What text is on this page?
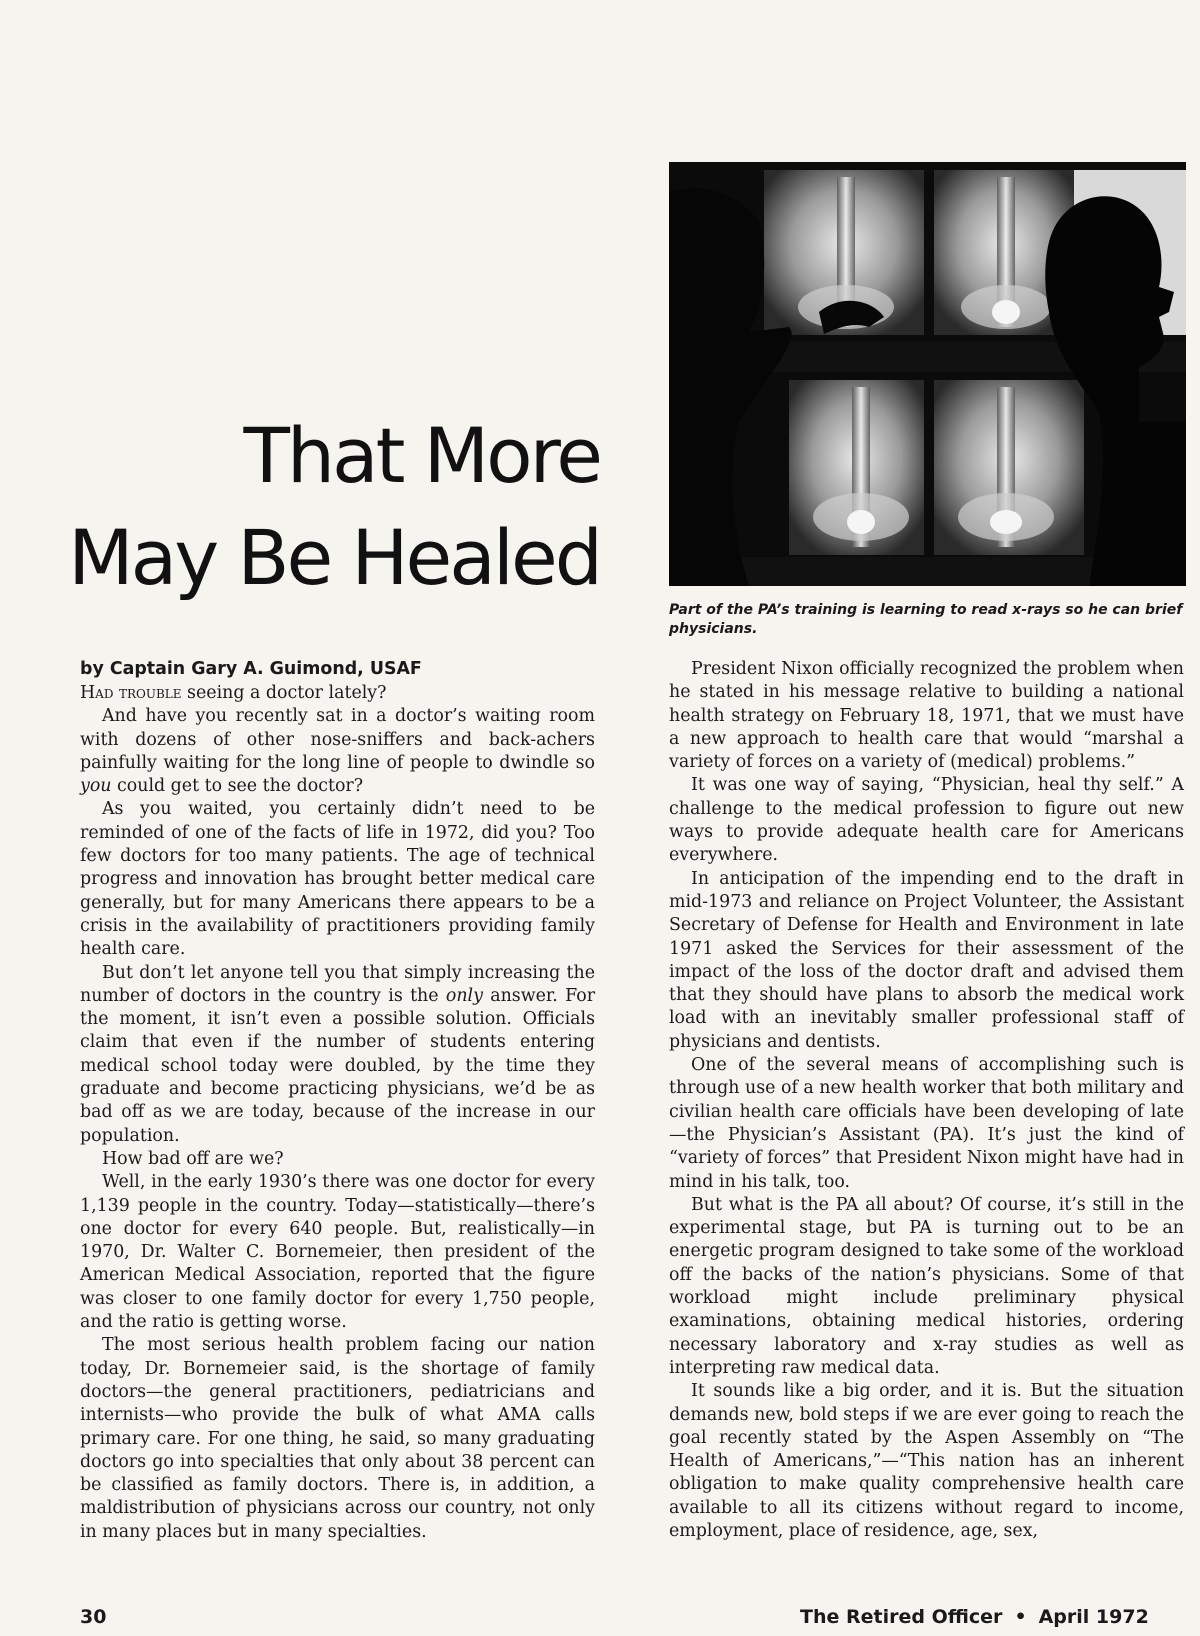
That More
May Be Healed
Part of the PA’s training is learning to read x-rays so he can brief physicians.
by Captain Gary A. Guimond, USAF

Had trouble seeing a doctor lately?

And have you recently sat in a doctor’s waiting room with dozens of other nose-sniffers and back-achers painfully waiting for the long line of people to dwindle so you could get to see the doctor?

As you waited, you certainly didn’t need to be reminded of one of the facts of life in 1972, did you? Too few doctors for too many patients. The age of technical progress and innovation has brought better medical care generally, but for many Americans there appears to be a crisis in the availability of practitioners providing family health care.

But don’t let anyone tell you that simply increasing the number of doctors in the country is the only answer. For the moment, it isn’t even a possible solution. Officials claim that even if the number of students entering medical school today were doubled, by the time they graduate and become practicing physicians, we’d be as bad off as we are today, because of the increase in our population.

How bad off are we?

Well, in the early 1930’s there was one doctor for every 1,139 people in the country. Today—statistically—there’s one doctor for every 640 people. But, realistically—in 1970, Dr. Walter C. Bornemeier, then president of the American Medical Association, reported that the figure was closer to one family doctor for every 1,750 people, and the ratio is getting worse.

The most serious health problem facing our nation today, Dr. Bornemeier said, is the shortage of family doctors—the general practitioners, pediatricians and internists—who provide the bulk of what AMA calls primary care. For one thing, he said, so many graduating doctors go into specialties that only about 38 percent can be classified as family doctors. There is, in addition, a maldistribution of physicians across our country, not only in many places but in many specialties.

President Nixon officially recognized the problem when he stated in his message relative to building a national health strategy on February 18, 1971, that we must have a new approach to health care that would “marshal a variety of forces on a variety of (medical) problems.”

It was one way of saying, “Physician, heal thy self.” A challenge to the medical profession to figure out new ways to provide adequate health care for Americans everywhere.

In anticipation of the impending end to the draft in mid-1973 and reliance on Project Volunteer, the Assistant Secretary of Defense for Health and Environment in late 1971 asked the Services for their assessment of the impact of the loss of the doctor draft and advised them that they should have plans to absorb the medical work load with an inevitably smaller professional staff of physicians and dentists.

One of the several means of accomplishing such is through use of a new health worker that both military and civilian health care officials have been developing of late—the Physician’s Assistant (PA). It’s just the kind of “variety of forces” that President Nixon might have had in mind in his talk, too.

But what is the PA all about? Of course, it’s still in the experimental stage, but PA is turning out to be an energetic program designed to take some of the workload off the backs of the nation’s physicians. Some of that workload might include preliminary physical examinations, obtaining medical histories, ordering necessary laboratory and x-ray studies as well as interpreting raw medical data.

It sounds like a big order, and it is. But the situation demands new, bold steps if we are ever going to reach the goal recently stated by the Aspen Assembly on “The Health of Americans,”—“This nation has an inherent obligation to make quality comprehensive health care available to all its citizens without regard to income, employment, place of residence, age, sex,

30	The Retired Officer • April 1972
